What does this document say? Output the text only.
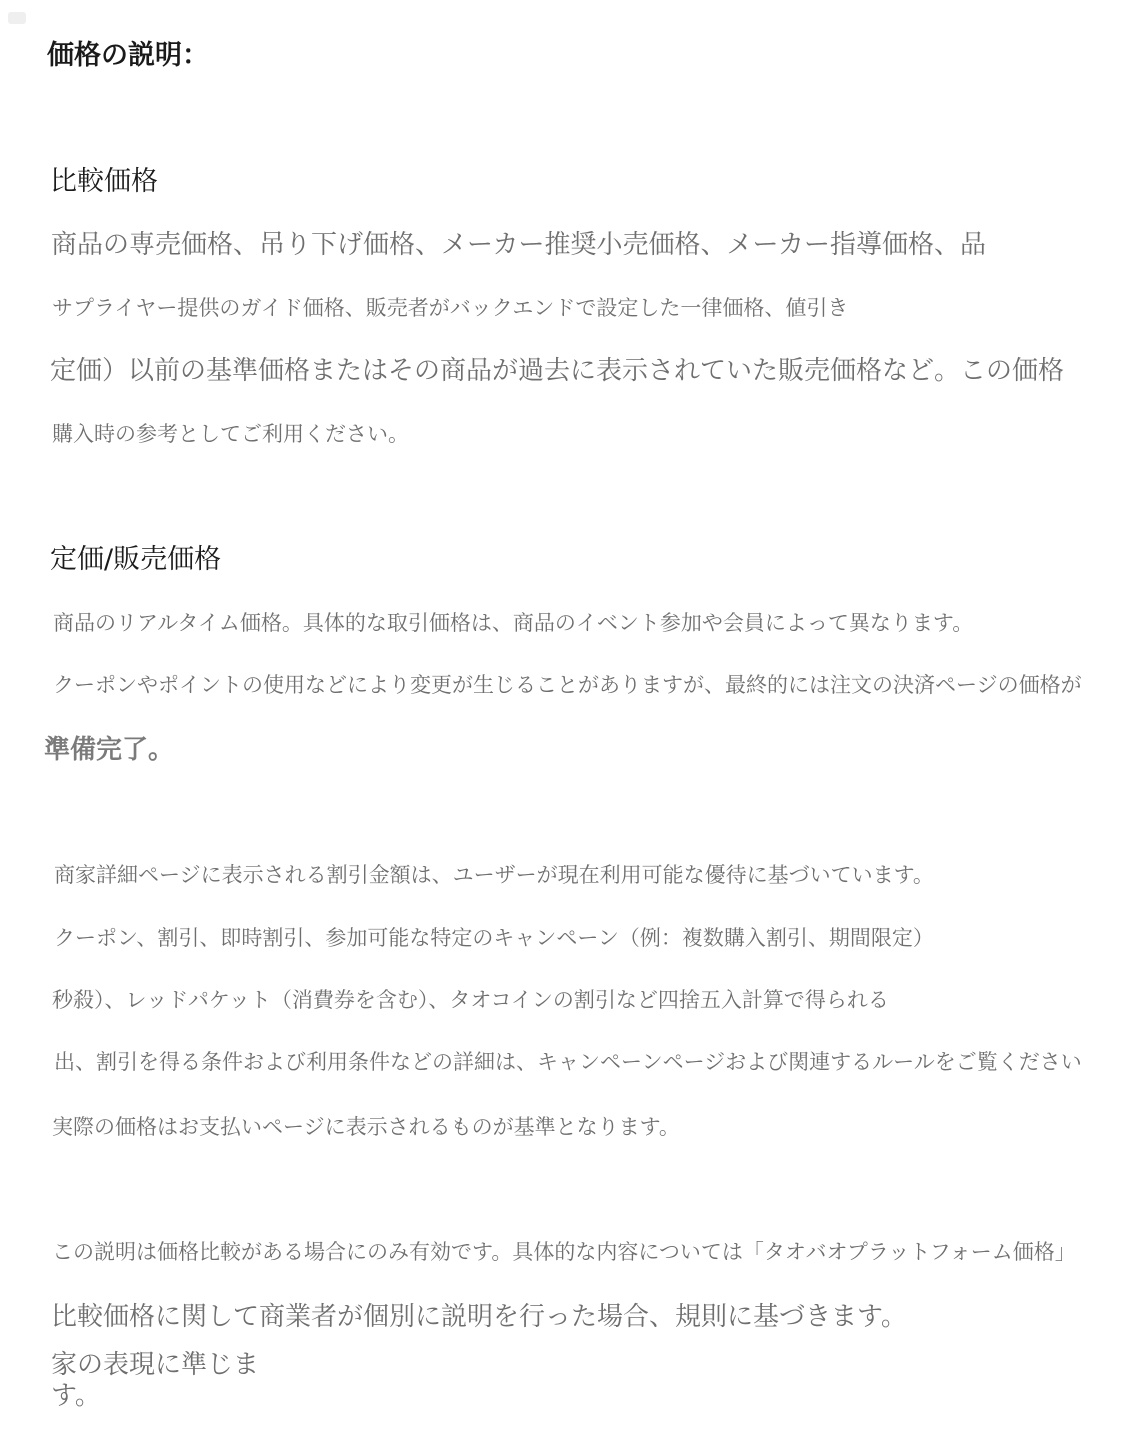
価格の説明：
比較価格
商品の専売価格、吊り下げ価格、メーカー推奨小売価格、メーカー指導価格、品
サプライヤー提供のガイド価格、販売者がバックエンドで設定した一律価格、値引き
定価）以前の基準価格またはその商品が過去に表示されていた販売価格など。この価格
購入時の参考としてご利用ください。
定価/販売価格
商品のリアルタイム価格。具体的な取引価格は、商品のイベント参加や会員によって異なります。
クーポンやポイントの使用などにより変更が生じることがありますが、最終的には注文の決済ページの価格が
準備完了。
商家詳細ページに表示される割引金額は、ユーザーが現在利用可能な優待に基づいています。
クーポン、割引、即時割引、参加可能な特定のキャンペーン（例：複数購入割引、期間限定）
秒殺）、レッドパケット（消費券を含む）、タオコインの割引など四捨五入計算で得られる
出、割引を得る条件および利用条件などの詳細は、キャンペーンページおよび関連するルールをご覧ください
実際の価格はお支払いページに表示されるものが基準となります。
この説明は価格比較がある場合にのみ有効です。具体的な内容については「タオバオプラットフォーム価格」
比較価格に関して商業者が個別に説明を行った場合、規則に基づきます。
家の表現に準じま
す。
